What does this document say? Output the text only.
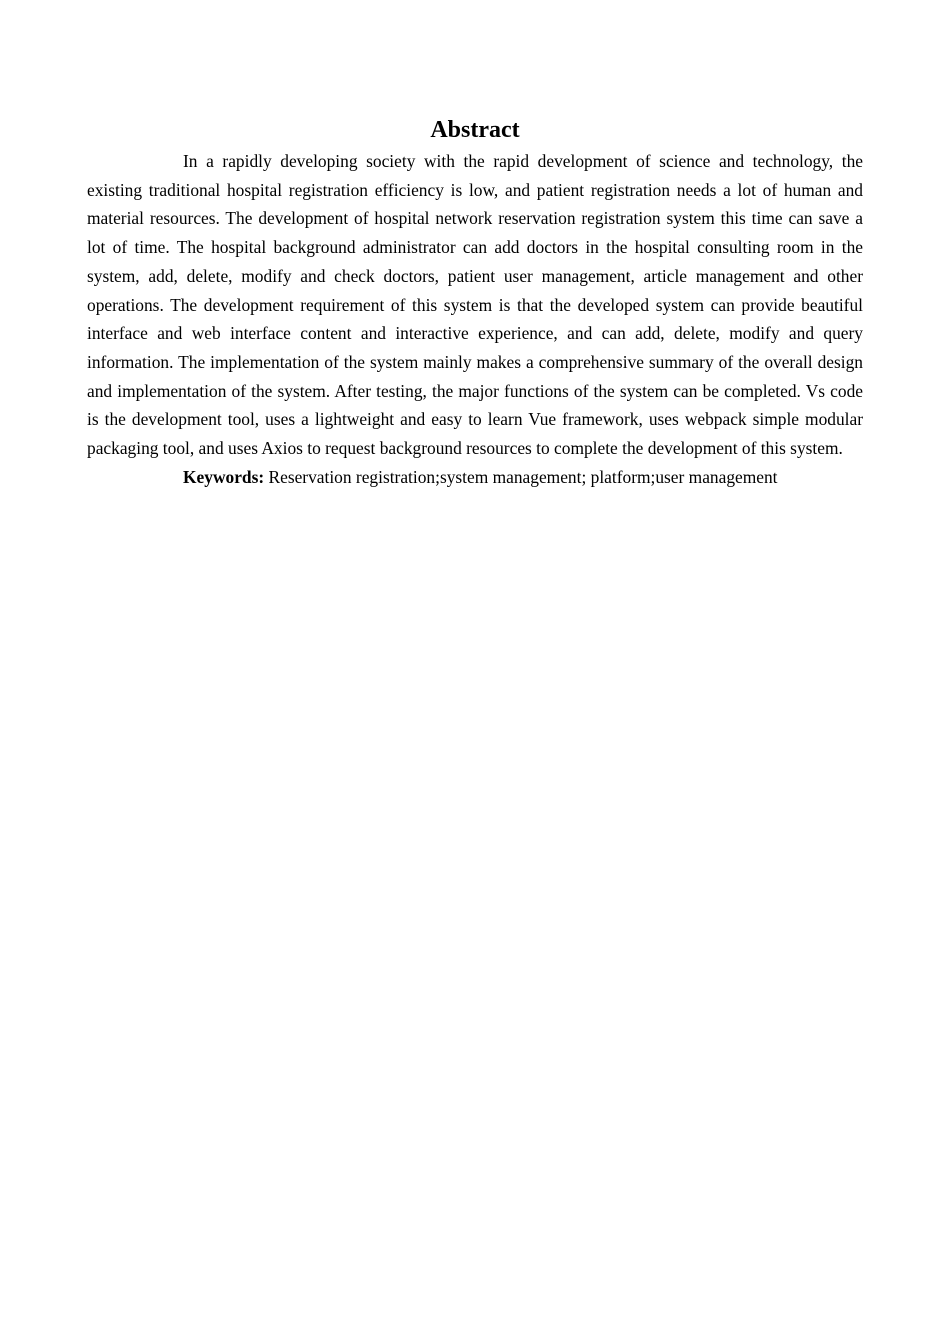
Abstract

In a rapidly developing society with the rapid development of science and technology, the existing traditional hospital registration efficiency is low, and patient registration needs a lot of human and material resources. The development of hospital network reservation registration system this time can save a lot of time. The hospital background administrator can add doctors in the hospital consulting room in the system, add, delete, modify and check doctors, patient user management, article management and other operations. The development requirement of this system is that the developed system can provide beautiful interface and web interface content and interactive experience, and can add, delete, modify and query information. The implementation of the system mainly makes a comprehensive summary of the overall design and implementation of the system. After testing, the major functions of the system can be completed. Vs code is the development tool, uses a lightweight and easy to learn Vue framework, uses webpack simple modular packaging tool, and uses Axios to request background resources to complete the development of this system.

Keywords: Reservation registration;system management; platform;user management
